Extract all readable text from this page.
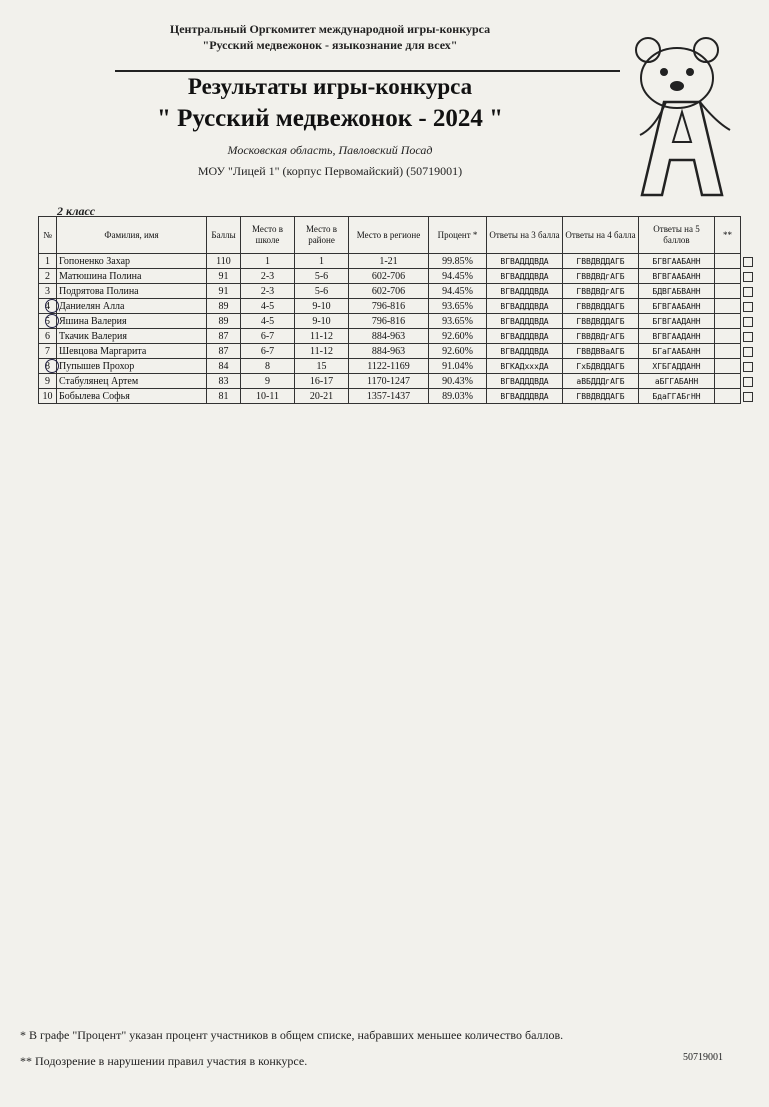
Центральный Оргкомитет международной игры-конкурса
"Русский медвежонок - языкознание для всех"
Результаты игры-конкурса
" Русский медвежонок - 2024 "
Московская область, Павловский Посад
МОУ "Лицей 1" (корпус Первомайский) (50719001)
2 класс
№	Фамилия, имя	Баллы	Место в школе	Место в районе	Место в регионе	Процент *	Ответы на 3 балла	Ответы на 4 балла	Ответы на 5 баллов	**
1	Гопоненко Захар	110	1	1	1-21	99.85%	ВГВАДДДВДА	ГВВДВДДАГБ	БГВГААБАНН	
2	Матюшина Полина	91	2-3	5-6	602-706	94.45%	ВГВАДДДВДА	ГВВДВДгАГБ	ВГВГААБАНН	
3	Подрятова Полина	91	2-3	5-6	602-706	94.45%	ВГВАДДДВДА	ГВВДВДгАГБ	БДВГАБВАНН	
4	Даниелян Алла	89	4-5	9-10	796-816	93.65%	ВГВАДДДВДА	ГВВДВДДАГБ	БГВГААБАНН	
5	Яшина Валерия	89	4-5	9-10	796-816	93.65%	ВГВАДДДВДА	ГВВДВДДАГБ	БГВГААДАНН	
6	Ткачик Валерия	87	6-7	11-12	884-963	92.60%	ВГВАДДДВДА	ГВВДВДгАГБ	ВГВГААДАНН	
7	Шевцова Маргарита	87	6-7	11-12	884-963	92.60%	ВГВАДДДВДА	ГВВДВВаАГБ	БГаГААБАНН	
8	Пупышев Прохор	84	8	15	1122-1169	91.04%	ВГКАДхххДА	ГхБДВДДАГБ	ХГБГАДДАНН	
9	Стабулянец Артем	83	9	16-17	1170-1247	90.43%	ВГВАДДДВДА	аВБДДДгАГБ	аБГГАБАНН	
10	Бобылева Софья	81	10-11	20-21	1357-1437	89.03%	ВГВАДДДВДА	ГВВДВДДАГБ	БдаГГАБгНН	
* В графе "Процент" указан процент участников в общем списке, набравших меньшее количество баллов.
** Подозрение в нарушении правил участия в конкурсе.	50719001
